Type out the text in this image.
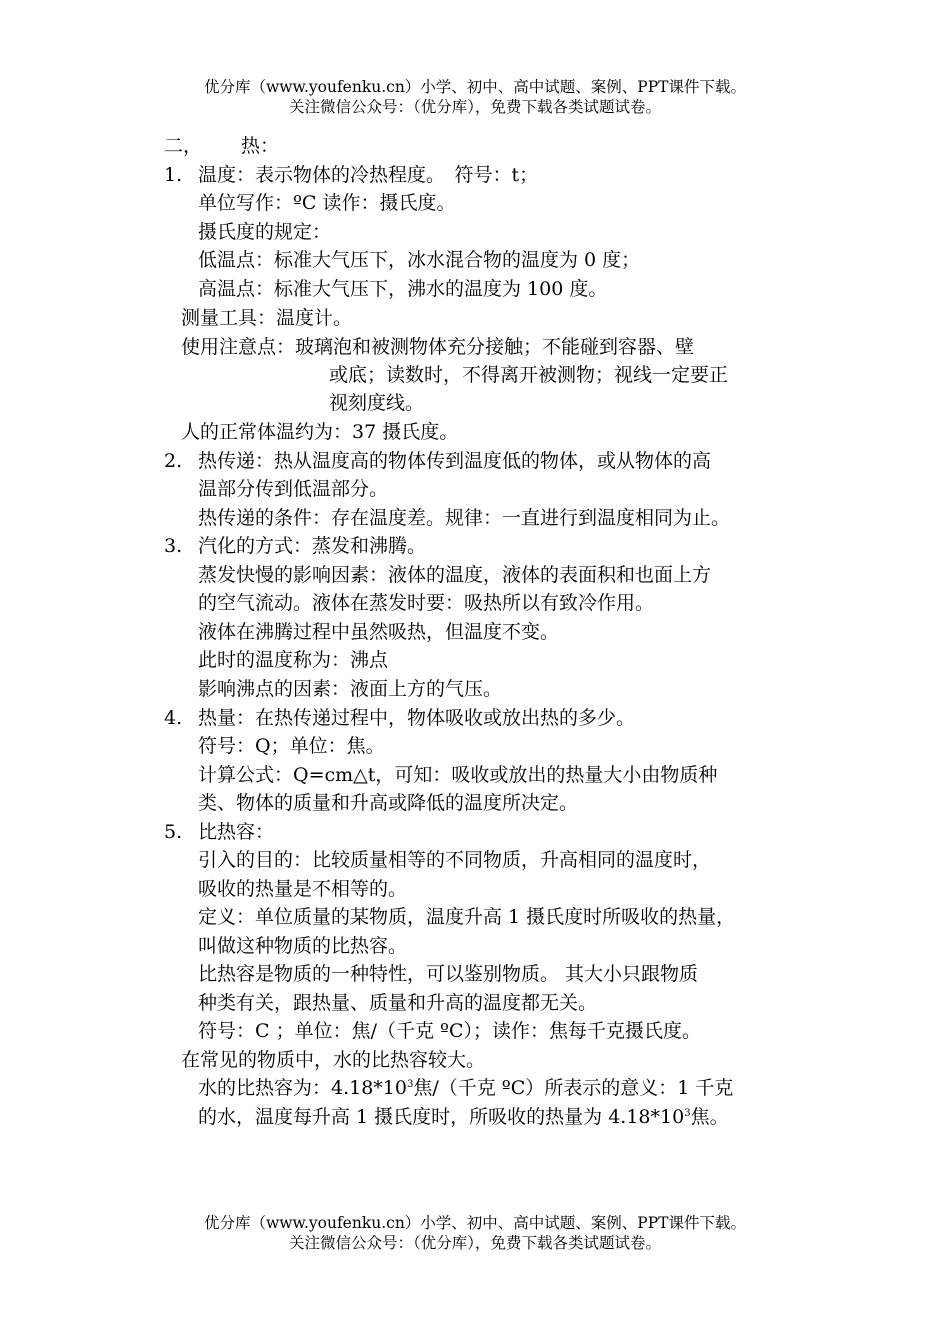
优分库（www.youfenku.cn）小学、初中、高中试题、案例、PPT课件下载。
关注微信公众号：（优分库），免费下载各类试题试卷。
二， 热：
1. 温度：表示物体的冷热程度。　符号：t；
单位写作：ºC 读作：摄氏度。
摄氏度的规定：
低温点：标准大气压下，冰水混合物的温度为 0 度；
高温点：标准大气压下，沸水的温度为 100 度。
测量工具：温度计。
使用注意点：玻璃泡和被测物体充分接触；不能碰到容器、壁
或底；读数时，不得离开被测物；视线一定要正
视刻度线。
人的正常体温约为：37 摄氏度。
2. 热传递：热从温度高的物体传到温度低的物体，或从物体的高
温部分传到低温部分。
热传递的条件：存在温度差。规律：一直进行到温度相同为止。
3. 汽化的方式：蒸发和沸腾。
蒸发快慢的影响因素：液体的温度，液体的表面积和也面上方
的空气流动。液体在蒸发时要：吸热所以有致冷作用。
液体在沸腾过程中虽然吸热，但温度不变。
此时的温度称为：沸点
影响沸点的因素：液面上方的气压。
4. 热量：在热传递过程中，物体吸收或放出热的多少。
符号：Q；单位：焦。
计算公式：Q=cm△t，可知：吸收或放出的热量大小由物质种
类、物体的质量和升高或降低的温度所决定。
5. 比热容：
引入的目的：比较质量相等的不同物质，升高相同的温度时，
吸收的热量是不相等的。
定义：单位质量的某物质，温度升高 1 摄氏度时所吸收的热量，
叫做这种物质的比热容。
比热容是物质的一种特性，可以鉴别物质。 其大小只跟物质
种类有关，跟热量、质量和升高的温度都无关。
符号：C ；单位：焦/（千克 ºC）；读作：焦每千克摄氏度。
在常见的物质中，水的比热容较大。
水的比热容为：$4.18*10^3$焦/（千克 ºC）所表示的意义：1 千克
的水，温度每升高 1 摄氏度时，所吸收的热量为 $4.18*10^3$焦。
优分库（www.youfenku.cn）小学、初中、高中试题、案例、PPT课件下载。
关注微信公众号：（优分库），免费下载各类试题试卷。
